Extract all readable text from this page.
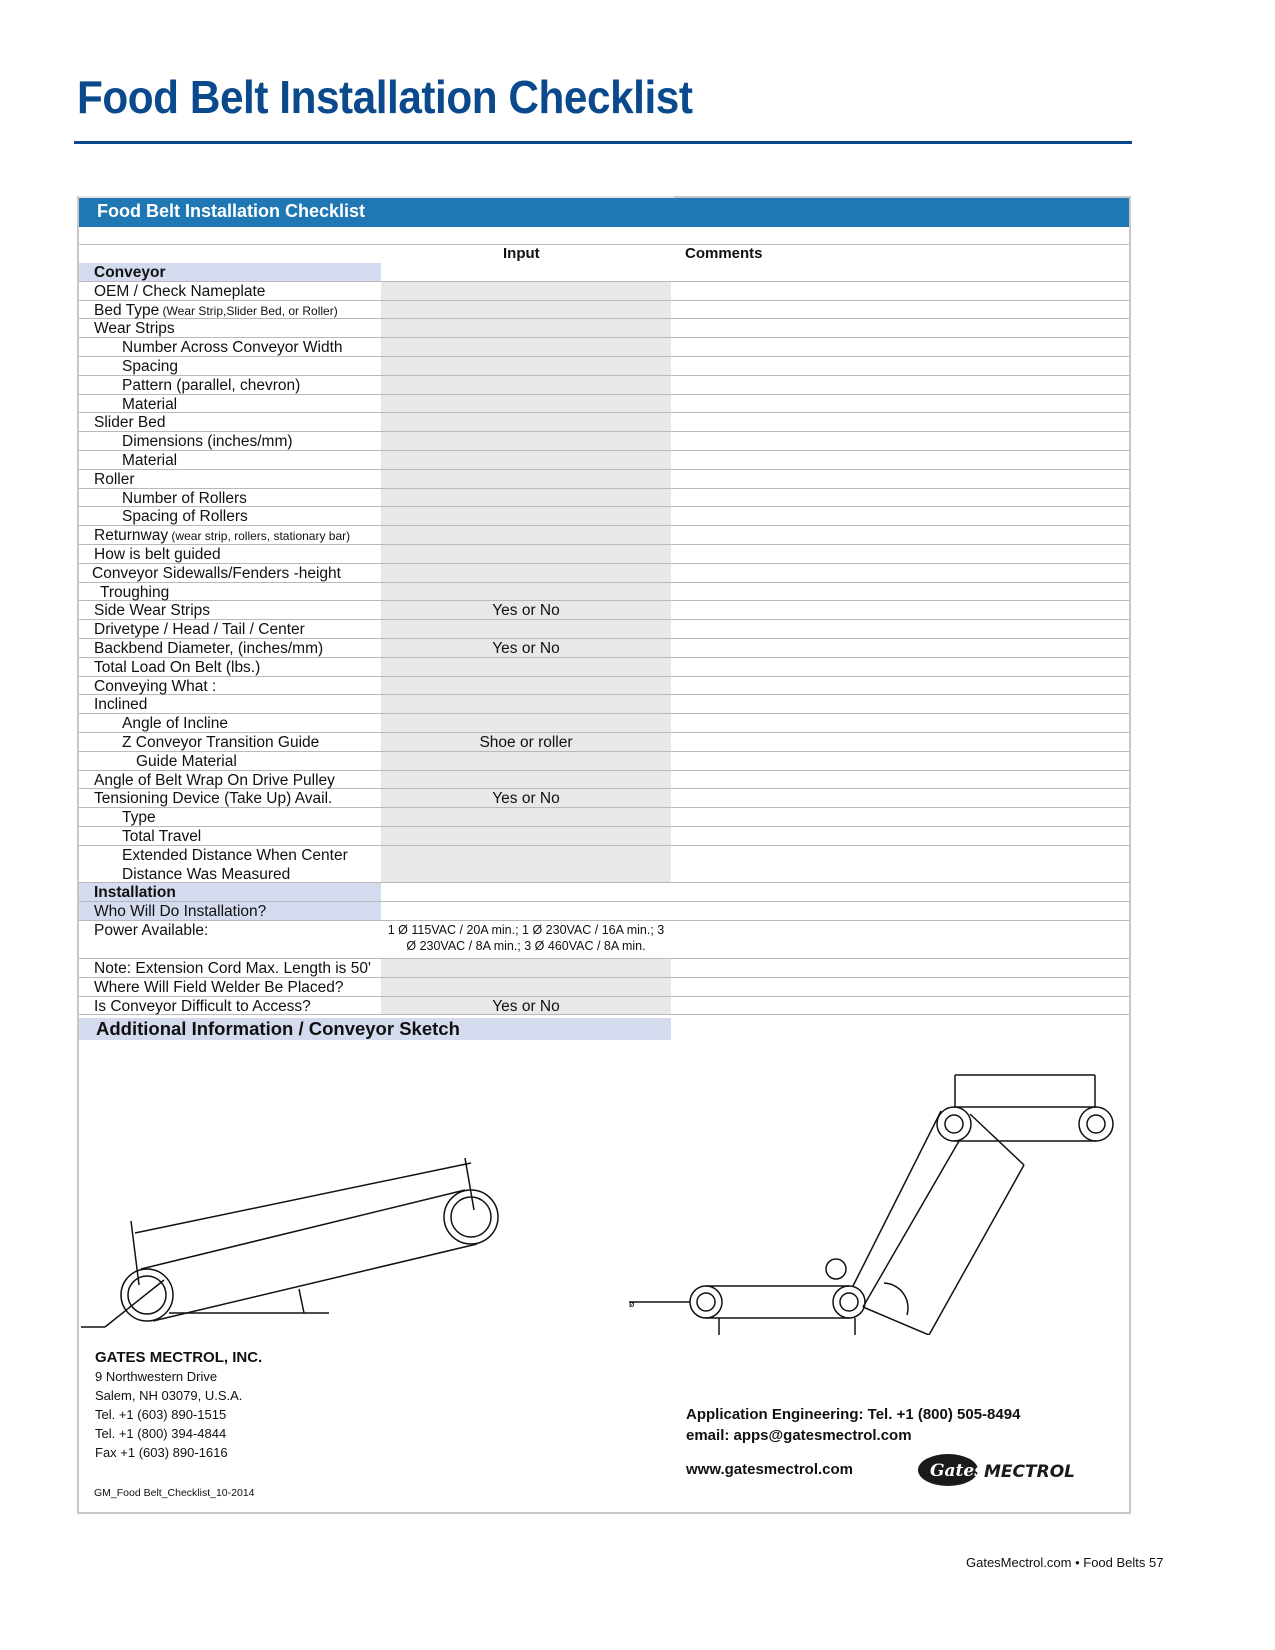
Food Belt Installation Checklist
Food Belt Installation Checklist
Input	Comments
Conveyor
OEM / Check Nameplate
Bed Type (Wear Strip,Slider Bed, or Roller)
Wear Strips
Number Across Conveyor Width
Spacing
Pattern (parallel, chevron)
Material
Slider Bed
Dimensions (inches/mm)
Material
Roller
Number of Rollers
Spacing of Rollers
Returnway (wear strip, rollers, stationary bar)
How is belt guided
Conveyor Sidewalls/Fenders -height
Troughing
Yes or No
Side Wear Strips
Drivetype / Head / Tail / Center
Yes or No
Backbend Diameter, (inches/mm)
Total Load On Belt (lbs.)
Conveying What :
Inclined
Angle of Incline
Shoe or roller
Z Conveyor Transition Guide
Guide Material
Angle of Belt Wrap On Drive Pulley
Yes or No
Tensioning Device (Take Up) Avail.
Type
Total Travel
Extended Distance When Center Distance Was Measured
Installation
Who Will Do Installation?
1 Ø 115VAC / 20A min.; 1 Ø 230VAC / 16A min.; 3 Ø 230VAC / 8A min.; 3 Ø 460VAC / 8A min.
Power Available:
Note: Extension Cord Max. Length is 50'
Where Will Field Welder Be Placed?
Yes or No
Is Conveyor Difficult to Access?
Additional Information / Conveyor Sketch
ø
GATES MECTROL, INC.
9 Northwestern Drive
Salem, NH 03079, U.S.A.
Tel. +1 (603) 890-1515
Tel. +1 (800) 394-4844
Fax +1 (603) 890-1616
Application Engineering: Tel. +1 (800) 505-8494
email: apps@gatesmectrol.com
www.gatesmectrol.com	Gates MECTROL
GM_Food Belt_Checklist_10-2014
GatesMectrol.com • Food Belts 57
